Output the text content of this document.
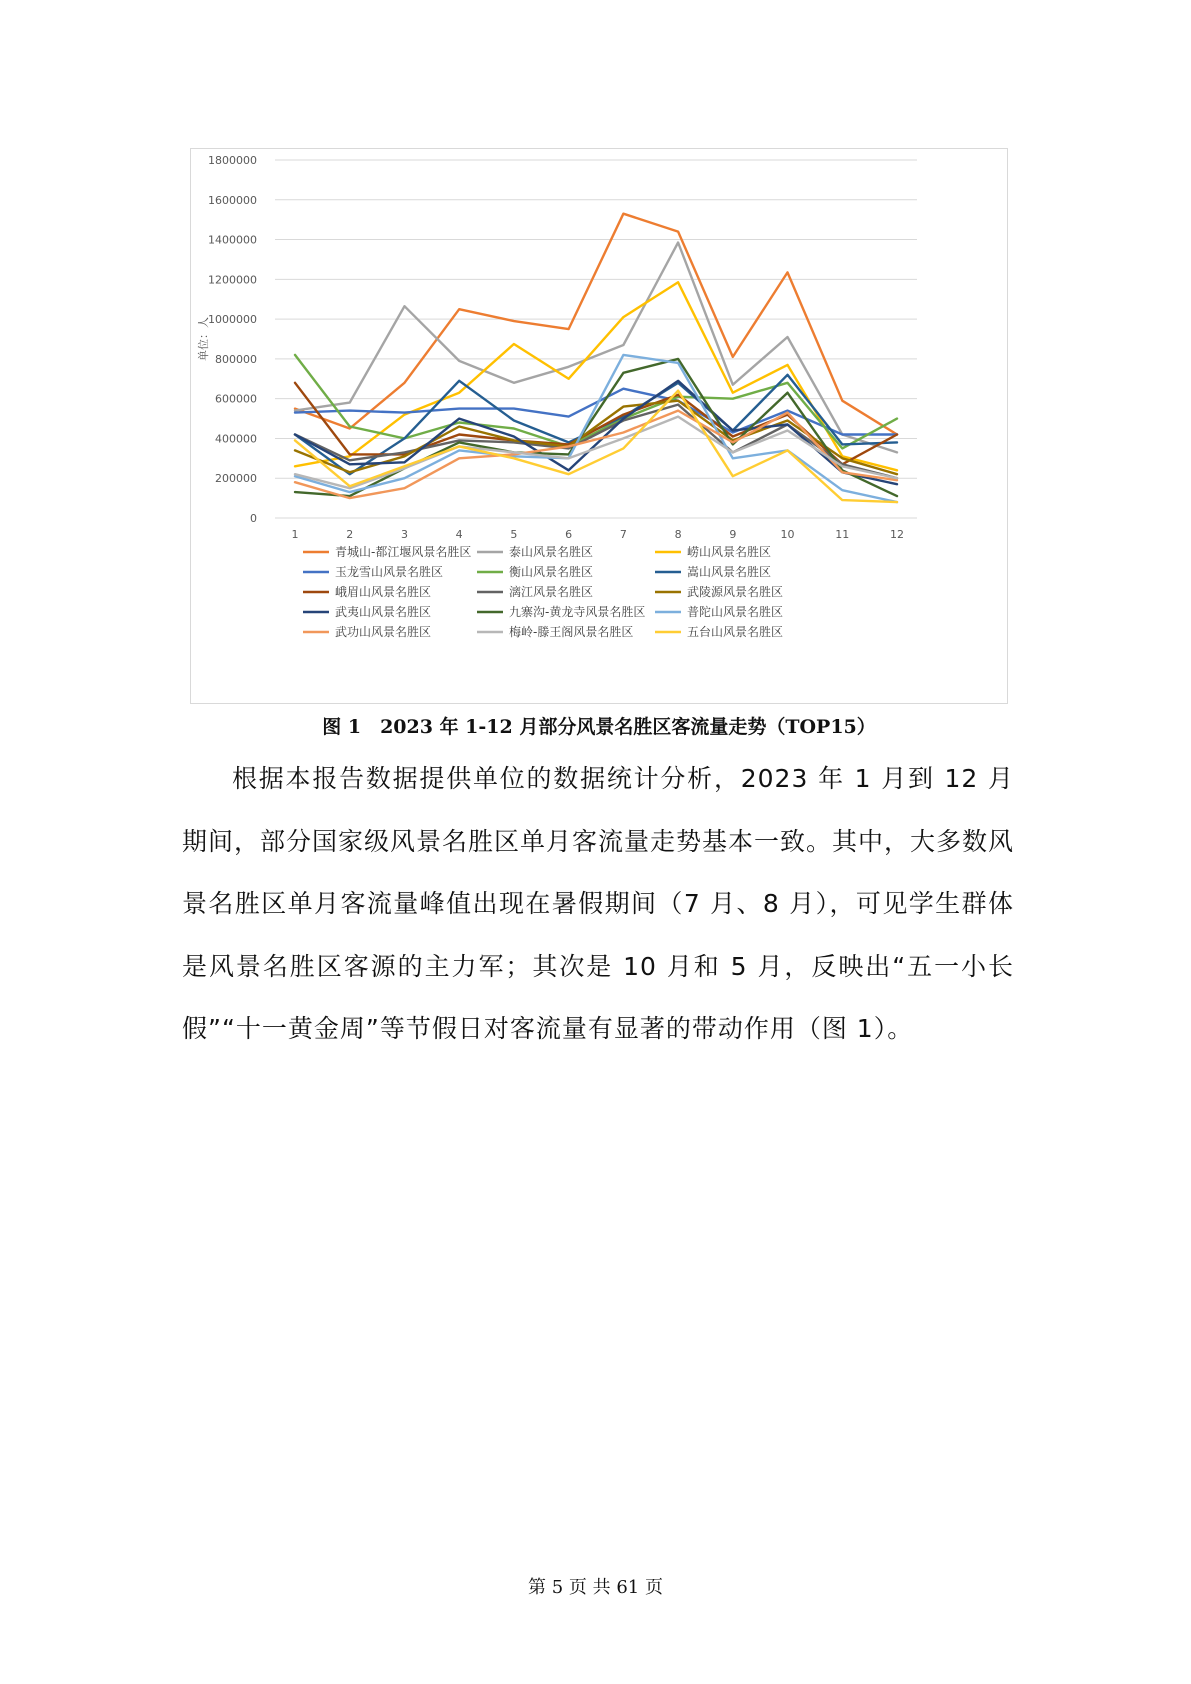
0
200000
400000
600000
800000
1000000
1200000
1400000
1600000
1800000
1	2	3	4	5	6	7	8	9	10	11	12
单位：人
青城山-都江堰风景名胜区	泰山风景名胜区	崂山风景名胜区
玉龙雪山风景名胜区	衡山风景名胜区	嵩山风景名胜区
峨眉山风景名胜区	漓江风景名胜区	武陵源风景名胜区
武夷山风景名胜区	九寨沟-黄龙寺风景名胜区	普陀山风景名胜区
武功山风景名胜区	梅岭-滕王阁风景名胜区	五台山风景名胜区
图 1　2023 年 1-12 月部分风景名胜区客流量走势（TOP15）

根据本报告数据提供单位的数据统计分析，2023 年 1 月到 12 月期间，部分国家级风景名胜区单月客流量走势基本一致。其中，大多数风景名胜区单月客流量峰值出现在暑假期间（7 月、8 月），可见学生群体是风景名胜区客源的主力军；其次是 10 月和 5 月，反映出“五一小长假”“十一黄金周”等节假日对客流量有显著的带动作用（图 1）。

第 5 页 共 61 页
